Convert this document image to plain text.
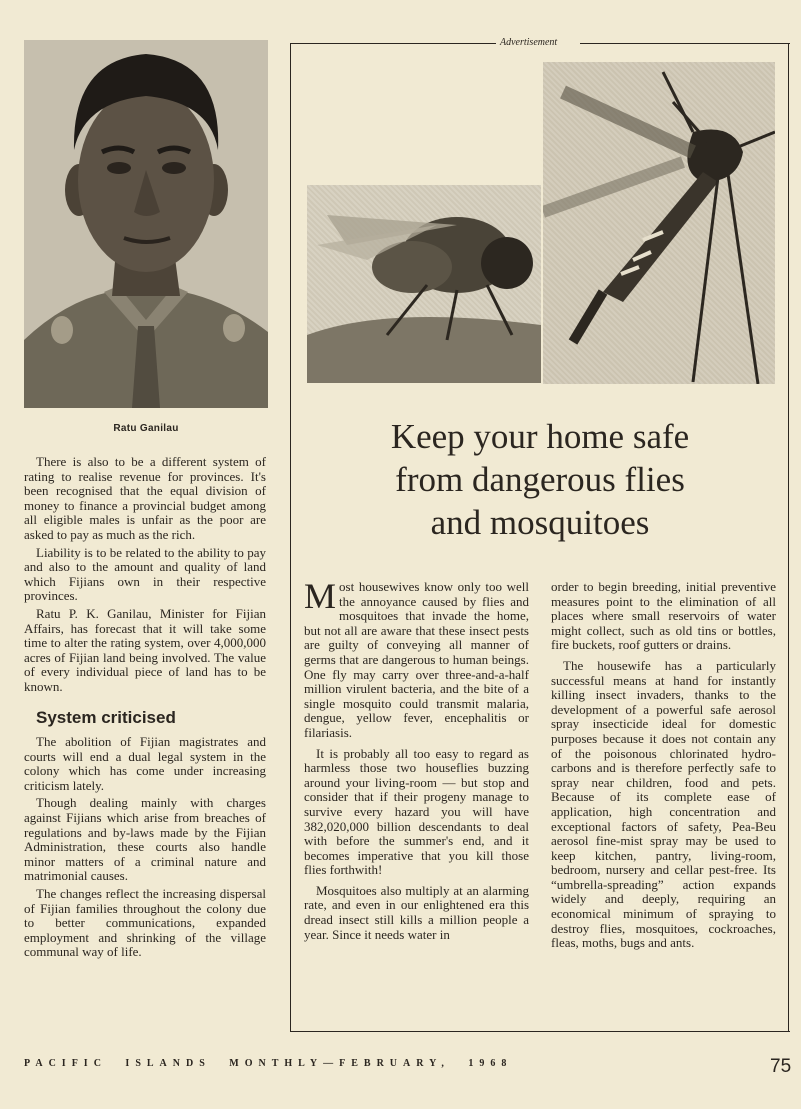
Ratu Ganilau

There is also to be a different system of rating to realise revenue for provinces. It's been recognised that the equal division of money to finance a provincial budget among all eligible males is unfair as the poor are asked to pay as much as the rich.

Liability is to be related to the ability to pay and also to the amount and quality of land which Fijians own in their respective provinces.

Ratu P. K. Ganilau, Minister for Fijian Affairs, has forecast that it will take some time to alter the rating system, over 4,000,000 acres of Fijian land being involved. The value of every individual piece of land has to be known.

System criticised

The abolition of Fijian magistrates and courts will end a dual legal system in the colony which has come under increasing criticism lately.

Though dealing mainly with charges against Fijians which arise from breaches of regulations and by-laws made by the Fijian Administration, these courts also handle minor matters of a criminal nature and matrimonial causes.

The changes reflect the increasing dispersal of Fijian families throughout the colony due to better communications, expanded employment and shrinking of the village communal way of life.

Advertisement
Keep your home safe
from dangerous flies
and mosquitoes

Most housewives know only too well the annoyance caused by flies and mosquitoes that invade the home, but not all are aware that these insect pests are guilty of conveying all manner of germs that are dangerous to human beings. One fly may carry over three-and-a-half million virulent bacteria, and the bite of a single mosquito could transmit malaria, dengue, yellow fever, encephalitis or filariasis.

It is probably all too easy to regard as harmless those two houseflies buzzing around your living-room — but stop and consider that if their progeny manage to survive every hazard you will have 382,020,000 billion descendants to deal with before the summer's end, and it becomes imperative that you kill those flies forthwith!

Mosquitoes also multiply at an alarming rate, and even in our enlightened era this dread insect still kills a million people a year. Since it needs water in

order to begin breeding, initial preventive measures point to the elimination of all places where small reservoirs of water might collect, such as old tins or bottles, fire buckets, roof gutters or drains.

The housewife has a particularly successful means at hand for instantly killing insect invaders, thanks to the development of a powerful safe aerosol spray insecticide ideal for domestic purposes because it does not contain any of the poisonous chlorinated hydro-carbons and is therefore perfectly safe to spray near children, food and pets. Because of its complete ease of application, high concentration and exceptional factors of safety, Pea-Beu aerosol fine-mist spray may be used to keep kitchen, pantry, living-room, bedroom, nursery and cellar pest-free. Its “umbrella-spreading” action expands widely and deeply, requiring an economical minimum of spraying to destroy flies, mosquitoes, cockroaches, fleas, moths, bugs and ants.

PACIFIC ISLANDS MONTHLY—FEBRUARY, 1968	75
